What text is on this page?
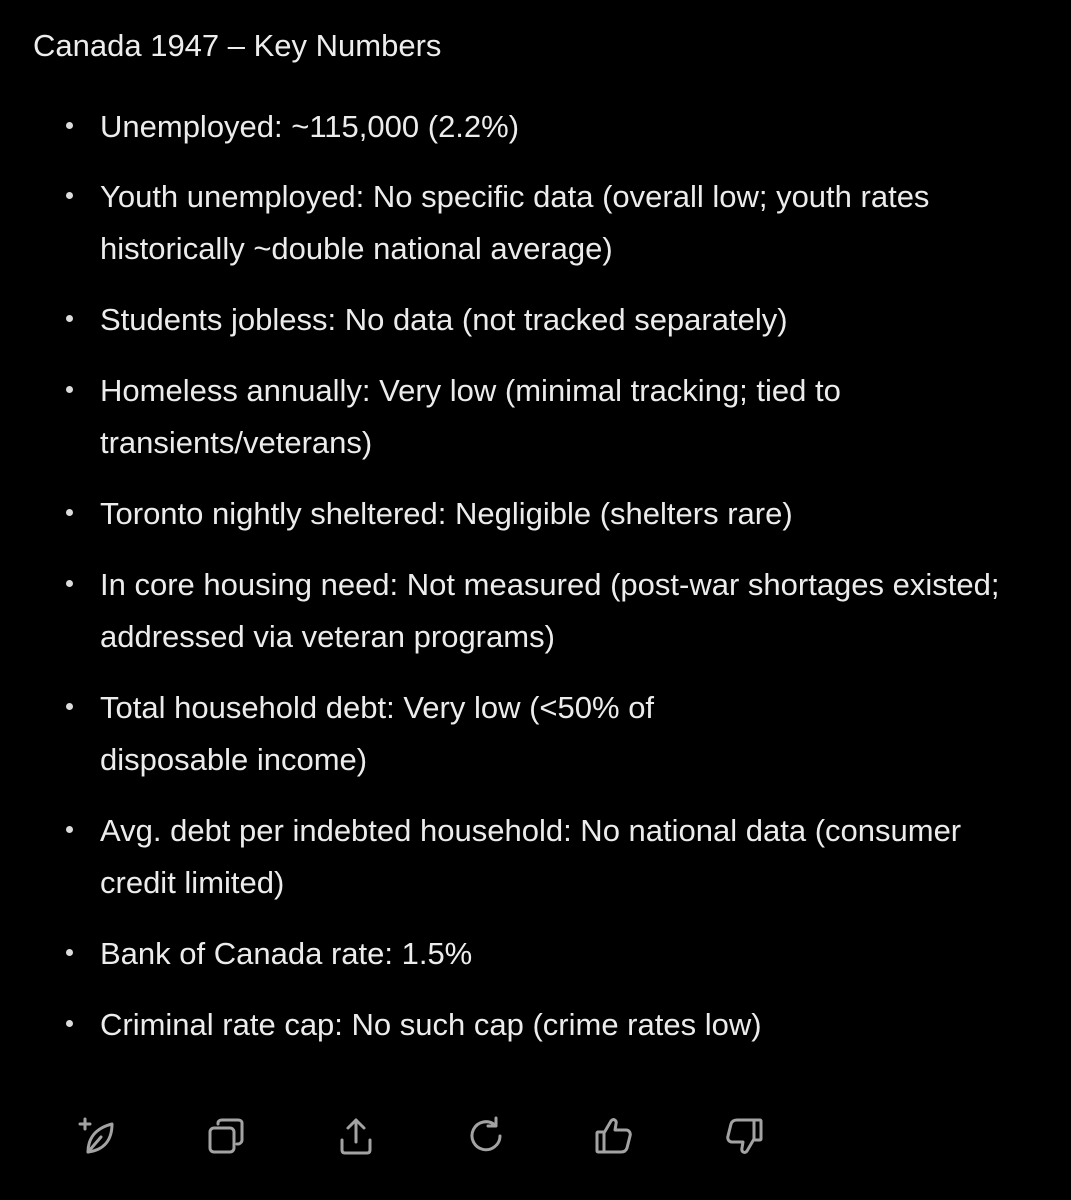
Canada 1947 – Key Numbers
Unemployed: ~115,000 (2.2%)
Youth unemployed: No specific data (overall low; youth rates historically ~double national average)
Students jobless: No data (not tracked separately)
Homeless annually: Very low (minimal tracking; tied to transients/veterans)
Toronto nightly sheltered: Negligible (shelters rare)
In core housing need: Not measured (post-war shortages existed; addressed via veteran programs)
Total household debt: Very low (<50% of disposable income)
Avg. debt per indebted household: No national data (consumer credit limited)
Bank of Canada rate: 1.5%
Criminal rate cap: No such cap (crime rates low)
